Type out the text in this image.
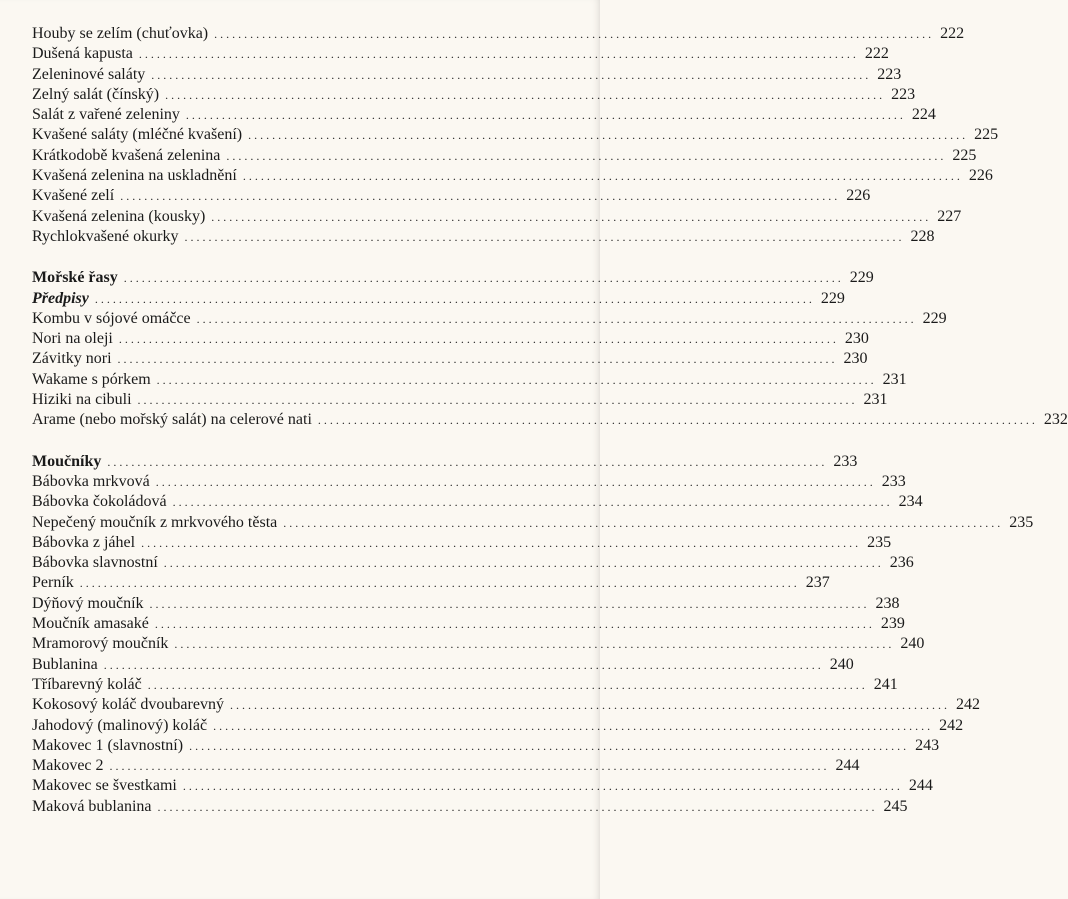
Houby se zelím (chuťovka) ........................................................................................................................ 222
Dušená kapusta ........................................................................................................................ 222
Zeleninové saláty ........................................................................................................................ 223
Zelný salát (čínský) ........................................................................................................................ 223
Salát z vařené zeleniny ........................................................................................................................ 224
Kvašené saláty (mléčné kvašení) ........................................................................................................................ 225
Krátkodobě kvašená zelenina ........................................................................................................................ 225
Kvašená zelenina na uskladnění ........................................................................................................................ 226
Kvašené zelí ........................................................................................................................ 226
Kvašená zelenina (kousky) ........................................................................................................................ 227
Rychlokvašené okurky ........................................................................................................................ 228
Mořské řasy ........................................................................................................................ 229
Předpisy ........................................................................................................................ 229
Kombu v sójové omáčce ........................................................................................................................ 229
Nori na oleji ........................................................................................................................ 230
Závitky nori ........................................................................................................................ 230
Wakame s pórkem ........................................................................................................................ 231
Hiziki na cibuli ........................................................................................................................ 231
Arame (nebo mořský salát) na celerové nati ........................................................................................................................ 232
Moučníky ........................................................................................................................ 233
Bábovka mrkvová ........................................................................................................................ 233
Bábovka čokoládová ........................................................................................................................ 234
Nepečený moučník z mrkvového těsta ........................................................................................................................ 235
Bábovka z jáhel ........................................................................................................................ 235
Bábovka slavnostní ........................................................................................................................ 236
Perník ........................................................................................................................ 237
Dýňový moučník ........................................................................................................................ 238
Moučník amasaké ........................................................................................................................ 239
Mramorový moučník ........................................................................................................................ 240
Bublanina ........................................................................................................................ 240
Tříbarevný koláč ........................................................................................................................ 241
Kokosový koláč dvoubarevný ........................................................................................................................ 242
Jahodový (malinový) koláč ........................................................................................................................ 242
Makovec 1 (slavnostní) ........................................................................................................................ 243
Makovec 2 ........................................................................................................................ 244
Makovec se švestkami ........................................................................................................................ 244
Maková bublanina ........................................................................................................................ 245
